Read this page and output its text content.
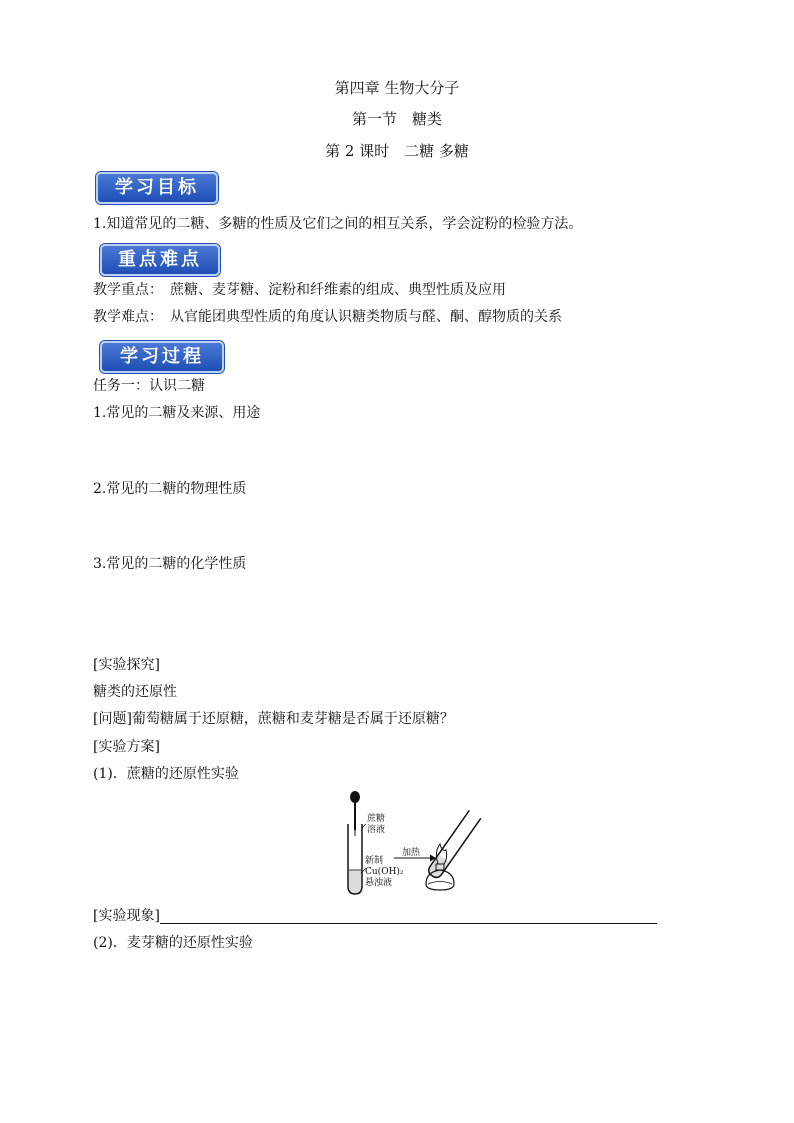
第四章 生物大分子
第一节　糖类
第 2 课时　二糖 多糖
学习目标
1.知道常见的二糖、多糖的性质及它们之间的相互关系，学会淀粉的检验方法。
重点难点
教学重点：　蔗糖、麦芽糖、淀粉和纤维素的组成、典型性质及应用
教学难点：　从官能团典型性质的角度认识糖类物质与醛、酮、醇物质的关系
学习过程
任务一：认识二糖
1.常见的二糖及来源、用途
2.常见的二糖的物理性质
3.常见的二糖的化学性质
[实验探究]
糖类的还原性
[问题]葡萄糖属于还原糖，蔗糖和麦芽糖是否属于还原糖？
[实验方案]
(1)．蔗糖的还原性实验
蔗糖
溶液
新制
Cu(OH)₂
悬浊液
加热
[实验现象]
(2)．麦芽糖的还原性实验
